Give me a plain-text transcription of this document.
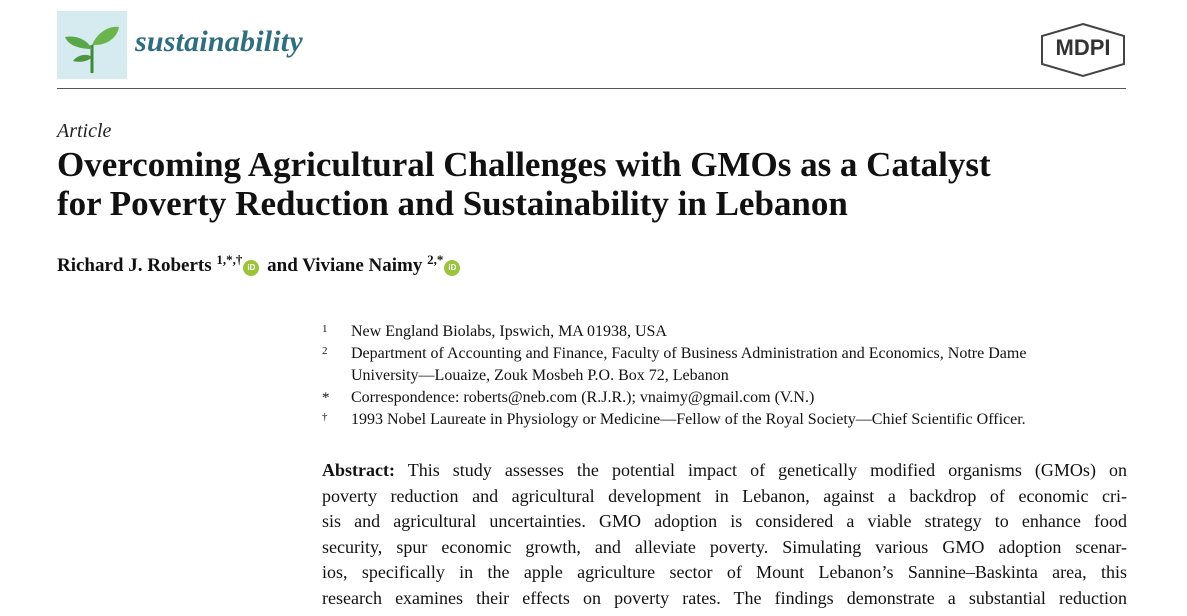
sustainability	MDPI
Article
Overcoming Agricultural Challenges with GMOs as a Catalyst
for Poverty Reduction and Sustainability in Lebanon
Richard J. Roberts $^{1,*,\dagger}$iD and Viviane Naimy $^{2,*}$iD
1	New England Biolabs, Ipswich, MA 01938, USA
2	Department of Accounting and Finance, Faculty of Business Administration and Economics, Notre Dame
University—Louaize, Zouk Mosbeh P.O. Box 72, Lebanon
*	Correspondence: roberts@neb.com (R.J.R.); vnaimy@gmail.com (V.N.)
†	1993 Nobel Laureate in Physiology or Medicine—Fellow of the Royal Society—Chief Scientific Officer.
Abstract: This study assesses the potential impact of genetically modified organisms (GMOs) on
poverty reduction and agricultural development in Lebanon, against a backdrop of economic cri-
sis and agricultural uncertainties. GMO adoption is considered a viable strategy to enhance food
security, spur economic growth, and alleviate poverty. Simulating various GMO adoption scenar-
ios, specifically in the apple agriculture sector of Mount Lebanon’s Sannine–Baskinta area, this
research examines their effects on poverty rates. The findings demonstrate a substantial reduction
